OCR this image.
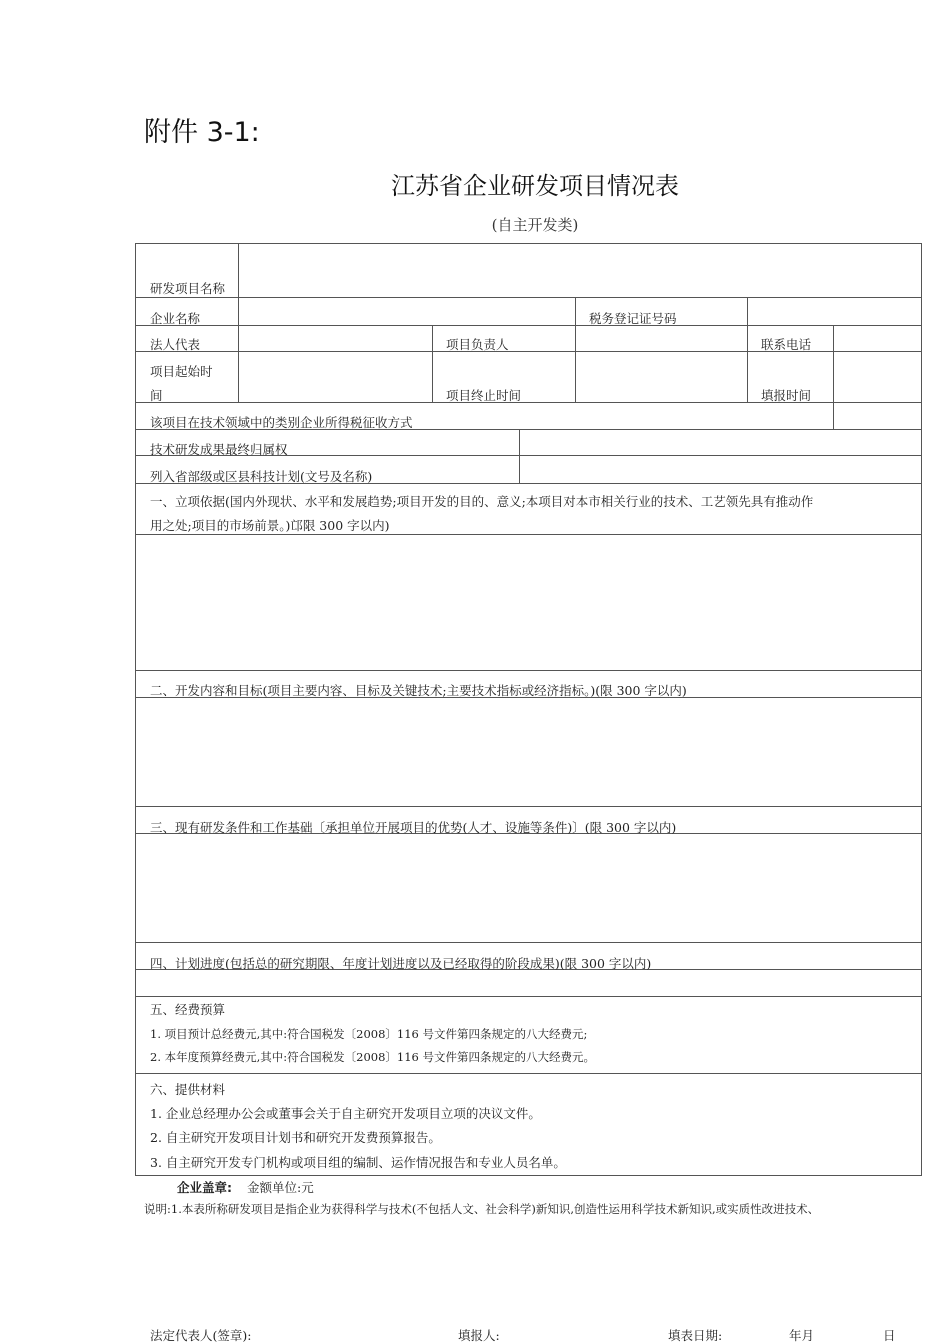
附件 3-1:
江苏省企业研发项目情况表
(自主开发类)
研发项目名称
企业名称	税务登记证号码
法人代表	项目负责人	联系电话
项目起始时
间	项目终止时间	填报时间
该项目在技术领域中的类别企业所得税征收方式
技术研发成果最终归属权
列入省部级或区县科技计划(文号及名称)
一、立项依据(国内外现状、水平和发展趋势;项目开发的目的、意义;本项目对本市相关行业的技术、工艺领先具有推动作
用之处;项目的市场前景。)邙限 300 字以内)
二、开发内容和目标(项目主要内容、目标及关键技术;主要技术指标或经济指标。)(限 300 字以内)
三、现有研发条件和工作基础〔承担单位开展项目的优势(人才、设施等条件)〕(限 300 字以内)
四、计划进度(包括总的研究期限、年度计划进度以及已经取得的阶段成果)(限 300 字以内)
五、经费预算
1. 项目预计总经费元,其中:符合国税发〔2008〕116 号文件第四条规定的八大经费元;
2. 本年度预算经费元,其中:符合国税发〔2008〕116 号文件第四条规定的八大经费元。
六、提供材料
1. 企业总经理办公会或董事会关于自主研究开发项目立项的决议文件。
2. 自主研究开发项目计划书和研究开发费预算报告。
3. 自主研究开发专门机构或项目组的编制、运作情况报告和专业人员名单。
企业盖章: 金额单位:元
说明:1.本表所称研发项目是指企业为获得科学与技术(不包括人文、社会科学)新知识,创造性运用科学技术新知识,或实质性改进技术、
法定代表人(签章):	填报人:	填表日期:	年月	日
